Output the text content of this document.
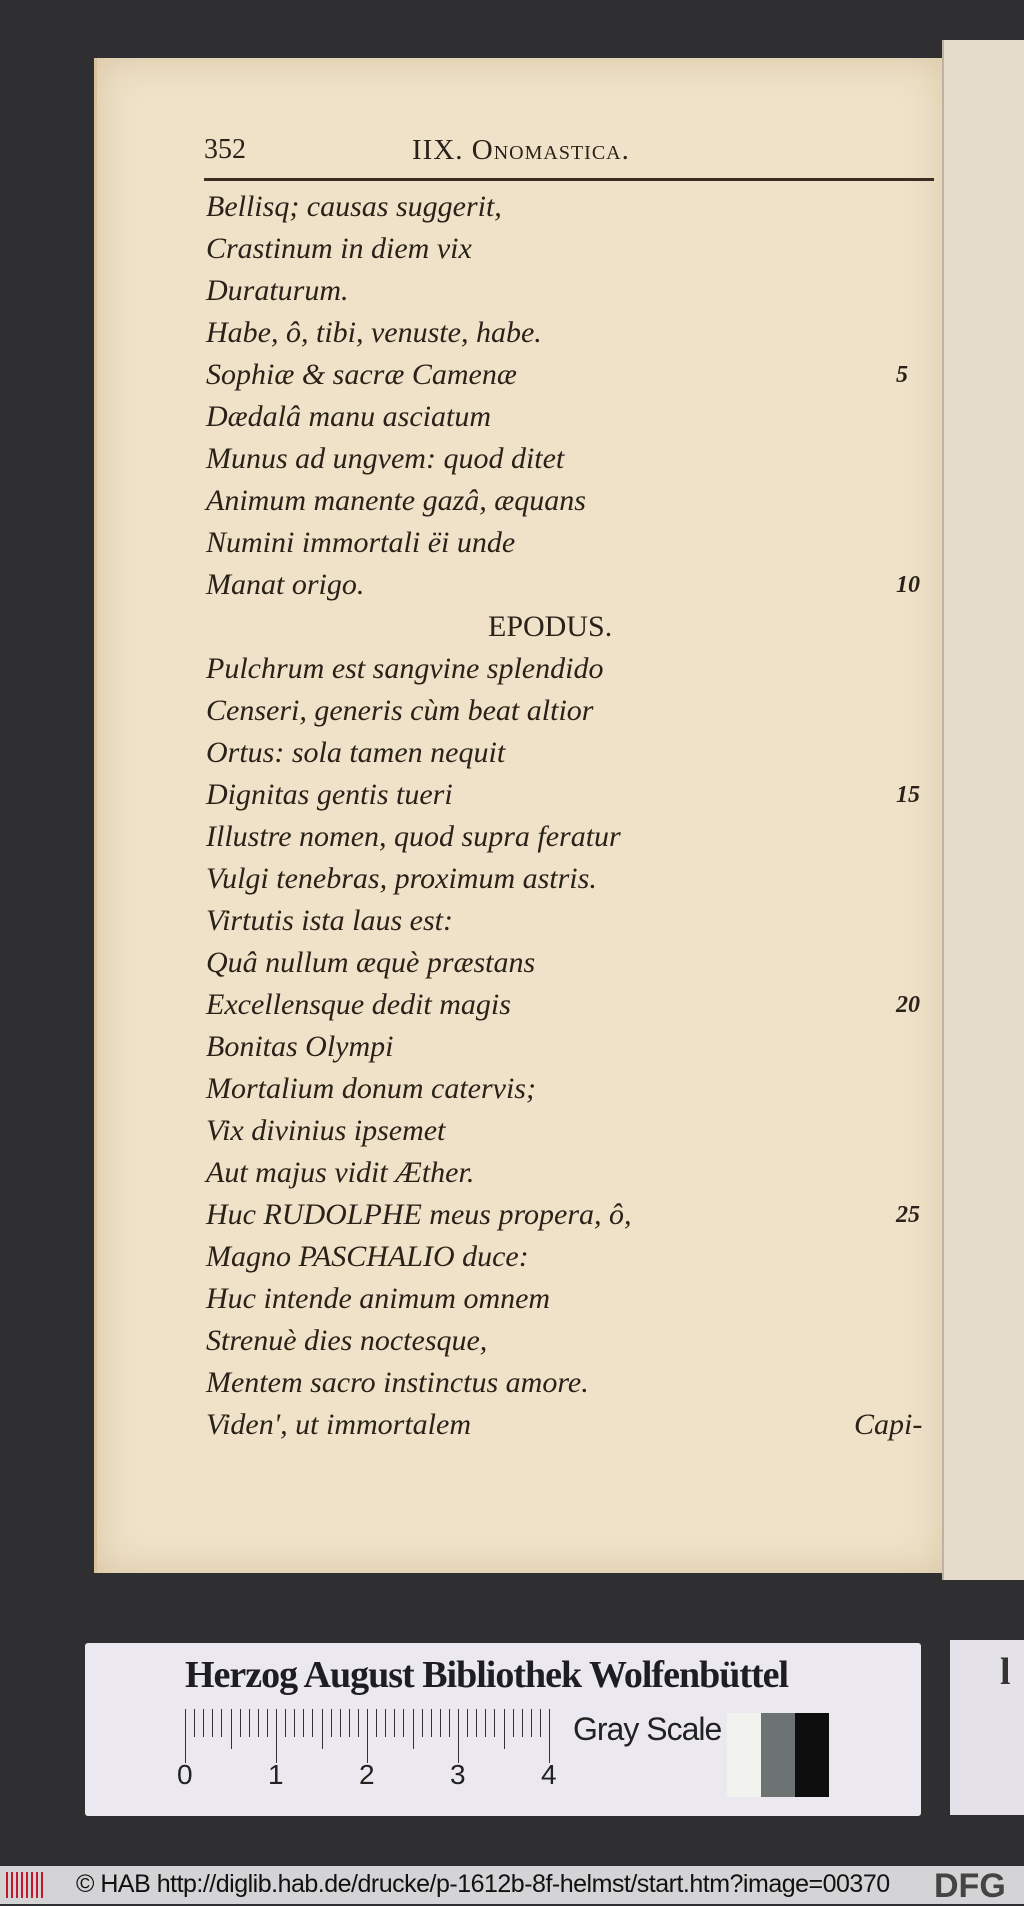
352	IIX. Onomastica.
Bellisq; causas suggerit,
Crastinum in diem vix
Duraturum.
Habe, ô, tibi, venuste, habe.
Sophiæ & sacræ Camenæ	5
Dædalâ manu asciatum
Munus ad ungvem: quod ditet
Animum manente gazâ, æquans
Numini immortali ëi unde
Manat origo.	10
EPODUS.
Pulchrum est sangvine splendido
Censeri, generis cùm beat altior
Ortus: sola tamen nequit
Dignitas gentis tueri	15
Illustre nomen, quod supra feratur
Vulgi tenebras, proximum astris.
Virtutis ista laus est:
Quâ nullum æquè præstans
Excellensque dedit magis	20
Bonitas Olympi
Mortalium donum catervis;
Vix divinius ipsemet
Aut majus vidit Æther.
Huc RUDOLPHE meus propera, ô,	25
Magno PASCHALIO duce:
Huc intende animum omnem
Strenuè dies noctesque,
Mentem sacro instinctus amore.
Viden', ut immortalem	Capi-
Herzog August Bibliothek Wolfenbüttel
Gray Scale
0	1	2	3	4
l
© HAB http://diglib.hab.de/drucke/p-1612b-8f-helmst/start.htm?image=00370 DFG
